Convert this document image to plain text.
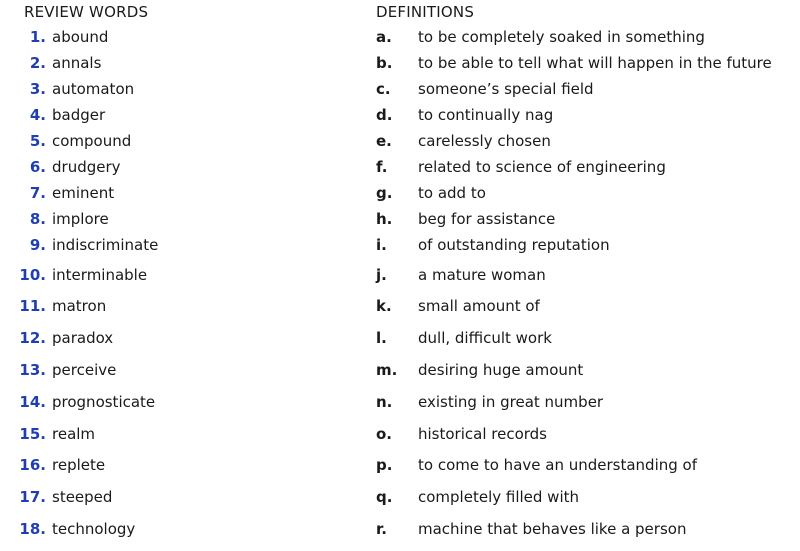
REVIEW WORDS	DEFINITIONS
1. abound	a. to be completely soaked in something
2. annals	b. to be able to tell what will happen in the future
3. automaton	c. someone’s special field
4. badger	d. to continually nag
5. compound	e. carelessly chosen
6. drudgery	f. related to science of engineering
7. eminent	g. to add to
8. implore	h. beg for assistance
9. indiscriminate	i. of outstanding reputation
10. interminable	j. a mature woman
11. matron	k. small amount of
12. paradox	l. dull, difficult work
13. perceive	m. desiring huge amount
14. prognosticate	n. existing in great number
15. realm	o. historical records
16. replete	p. to come to have an understanding of
17. steeped	q. completely filled with
18. technology	r. machine that behaves like a person
